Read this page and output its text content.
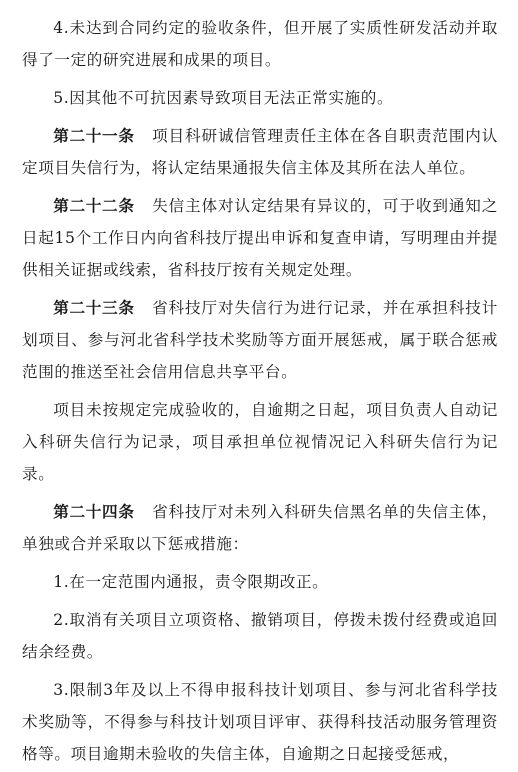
4.未达到合同约定的验收条件，但开展了实质性研发活动并取得了一定的研究进展和成果的项目。

5.因其他不可抗因素导致项目无法正常实施的。

第二十一条 项目科研诚信管理责任主体在各自职责范围内认定项目失信行为，将认定结果通报失信主体及其所在法人单位。

第二十二条 失信主体对认定结果有异议的，可于收到通知之日起15个工作日内向省科技厅提出申诉和复查申请，写明理由并提供相关证据或线索，省科技厅按有关规定处理。

第二十三条 省科技厅对失信行为进行记录，并在承担科技计划项目、参与河北省科学技术奖励等方面开展惩戒，属于联合惩戒范围的推送至社会信用信息共享平台。

项目未按规定完成验收的，自逾期之日起，项目负责人自动记入科研失信行为记录，项目承担单位视情况记入科研失信行为记录。

第二十四条 省科技厅对未列入科研失信黑名单的失信主体，单独或合并采取以下惩戒措施：

1.在一定范围内通报，责令限期改正。

2.取消有关项目立项资格、撤销项目，停拨未拨付经费或追回结余经费。

3.限制3年及以上不得申报科技计划项目、参与河北省科学技术奖励等，不得参与科技计划项目评审、获得科技活动服务管理资格等。项目逾期未验收的失信主体，自逾期之日起接受惩戒，
